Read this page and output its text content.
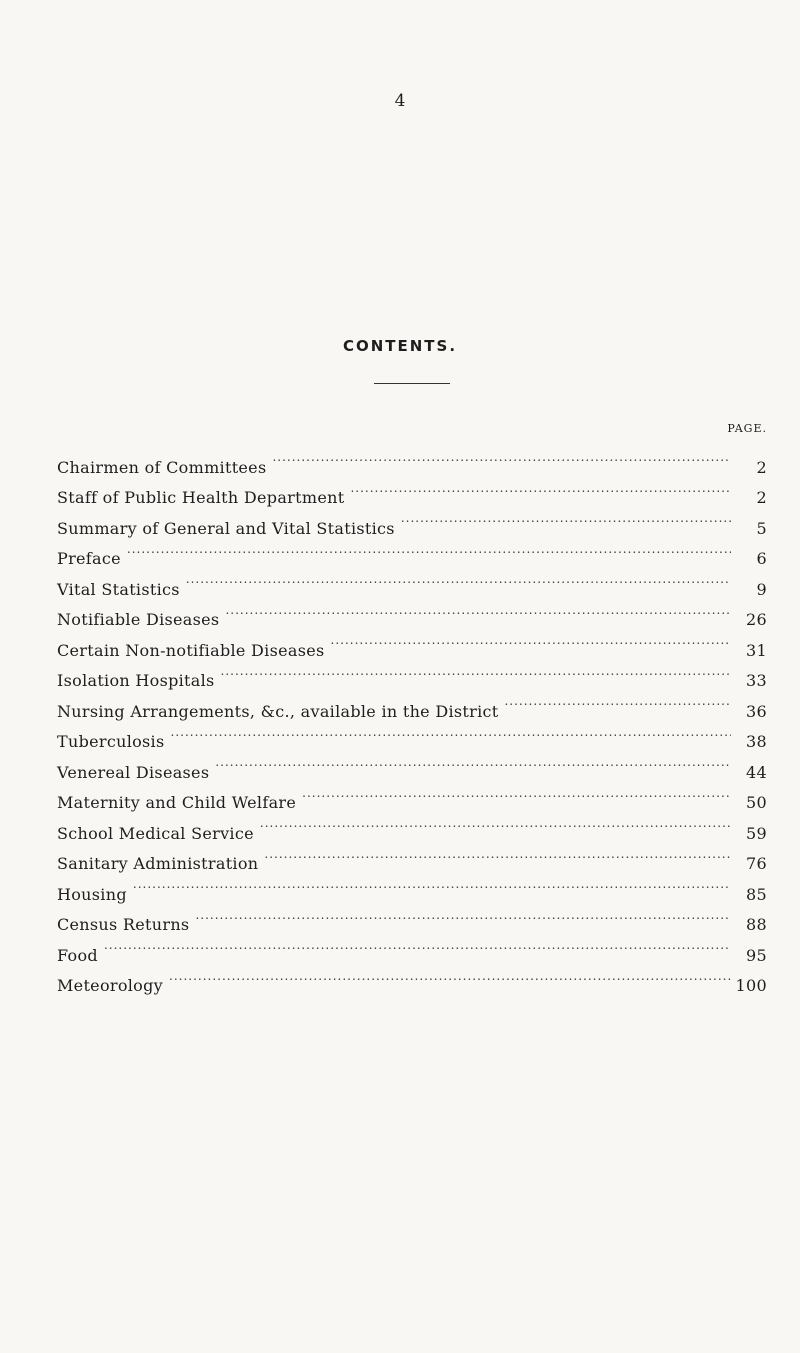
4
CONTENTS.
PAGE.
Chairmen of Committees .....	2
Staff of Public Health Department .....	2
Summary of General and Vital Statistics .....	5
Preface .....	6
Vital Statistics .....	9
Notifiable Diseases .....	26
Certain Non-notifiable Diseases .....	31
Isolation Hospitals .....	33
Nursing Arrangements, &c., available in the District .....	36
Tuberculosis .....	38
Venereal Diseases .....	44
Maternity and Child Welfare .....	50
School Medical Service .....	59
Sanitary Administration .....	76
Housing .....	85
Census Returns .....	88
Food .....	95
Meteorology .....	100
